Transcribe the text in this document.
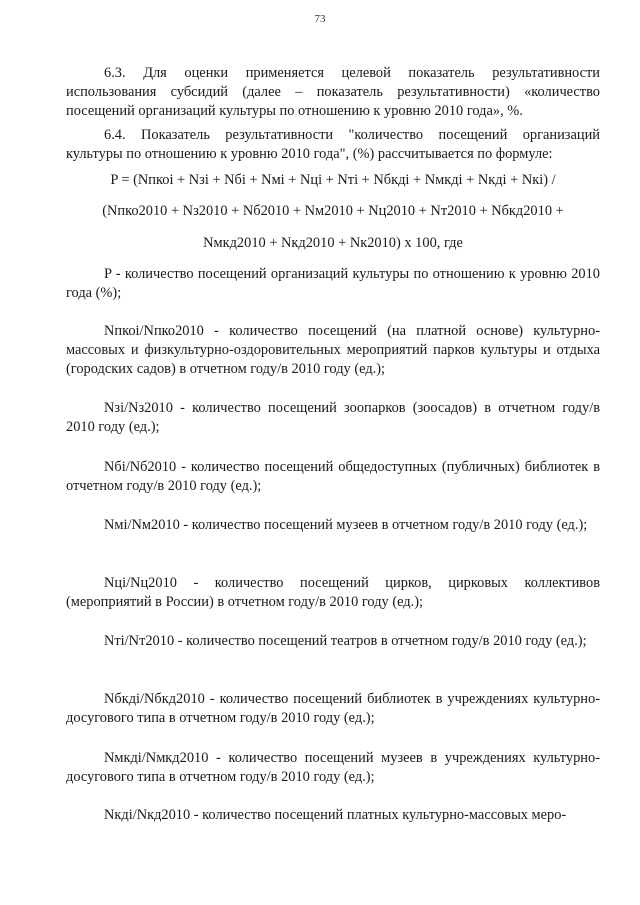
73

6.3. Для оценки применяется целевой показатель результативности использования субсидий (далее – показатель результативности) «количество посещений организаций культуры по отношению к уровню 2010 года», %.

6.4. Показатель результативности "количество посещений организаций культуры по отношению к уровню 2010 года", (%) рассчитывается по формуле:

P = (Nпкоi + Nзi + Nбi + Nмi + Nцi + Nтi + Nбкдi + Nмкдi + Nкдi + Nкi) /

(Nпко2010 + Nз2010 + Nб2010 + Nм2010 + Nц2010 + Nт2010 + Nбкд2010 +

Nмкд2010 + Nкд2010 + Nк2010) x 100, где

P - количество посещений организаций культуры по отношению к уровню 2010 года (%);

Nпкоi/Nпко2010 - количество посещений (на платной основе) культурно-массовых и физкультурно-оздоровительных мероприятий парков культуры и отдыха (городских садов) в отчетном году/в 2010 году (ед.);

Nзi/Nз2010 - количество посещений зоопарков (зоосадов) в отчетном году/в 2010 году (ед.);

Nбi/Nб2010 - количество посещений общедоступных (публичных) библиотек в отчетном году/в 2010 году (ед.);

Nмi/Nм2010 - количество посещений музеев в отчетном году/в 2010 году (ед.);

Nцi/Nц2010 - количество посещений цирков, цирковых коллективов (мероприятий в России) в отчетном году/в 2010 году (ед.);

Nтi/Nт2010 - количество посещений театров в отчетном году/в 2010 году (ед.);

Nбкдi/Nбкд2010 - количество посещений библиотек в учреждениях культурно-досугового типа в отчетном году/в 2010 году (ед.);

Nмкдi/Nмкд2010 - количество посещений музеев в учреждениях культурно-досугового типа в отчетном году/в 2010 году (ед.);

Nкдi/Nкд2010 - количество посещений платных культурно-массовых меро-
